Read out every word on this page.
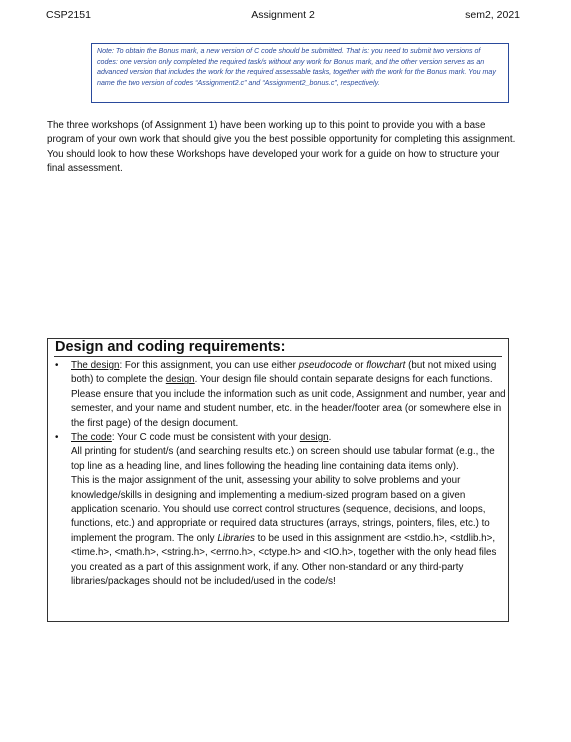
CSP2151	Assignment 2	sem2, 2021
Note: To obtain the Bonus mark, a new version of C code should be submitted. That is: you need to submit two versions of codes: one version only completed the required task/s without any work for Bonus mark, and the other version serves as an advanced version that includes the work for the required assessable tasks, together with the work for the Bonus mark. You may name the two version of codes “Assignment2.c” and “Assignment2_bonus.c”, respectively.

The three workshops (of Assignment 1) have been working up to this point to provide you with a base program of your own work that should give you the best possible opportunity for completing this assignment. You should look to how these Workshops have developed your work for a guide on how to structure your final assessment.

Design and coding requirements:
• The design: For this assignment, you can use either pseudocode or flowchart (but not mixed using both) to complete the design. Your design file should contain separate designs for each functions.

Please ensure that you include the information such as unit code, Assignment and number, year and semester, and your name and student number, etc. in the header/footer area (or somewhere else in the first page) of the design document.

• The code: Your C code must be consistent with your design.

All printing for student/s (and searching results etc.) on screen should use tabular format (e.g., the top line as a heading line, and lines following the heading line containing data items only).

This is the major assignment of the unit, assessing your ability to solve problems and your knowledge/skills in designing and implementing a medium-sized program based on a given application scenario. You should use correct control structures (sequence, decisions, and loops, functions, etc.) and appropriate or required data structures (arrays, strings, pointers, files, etc.) to implement the program. The only Libraries to be used in this assignment are <stdio.h>, <stdlib.h>, <time.h>, <math.h>, <string.h>, <errno.h>, <ctype.h> and <IO.h>, together with the only head files you created as a part of this assignment work, if any. Other non-standard or any third-party libraries/packages should not be included/used in the code/s!
